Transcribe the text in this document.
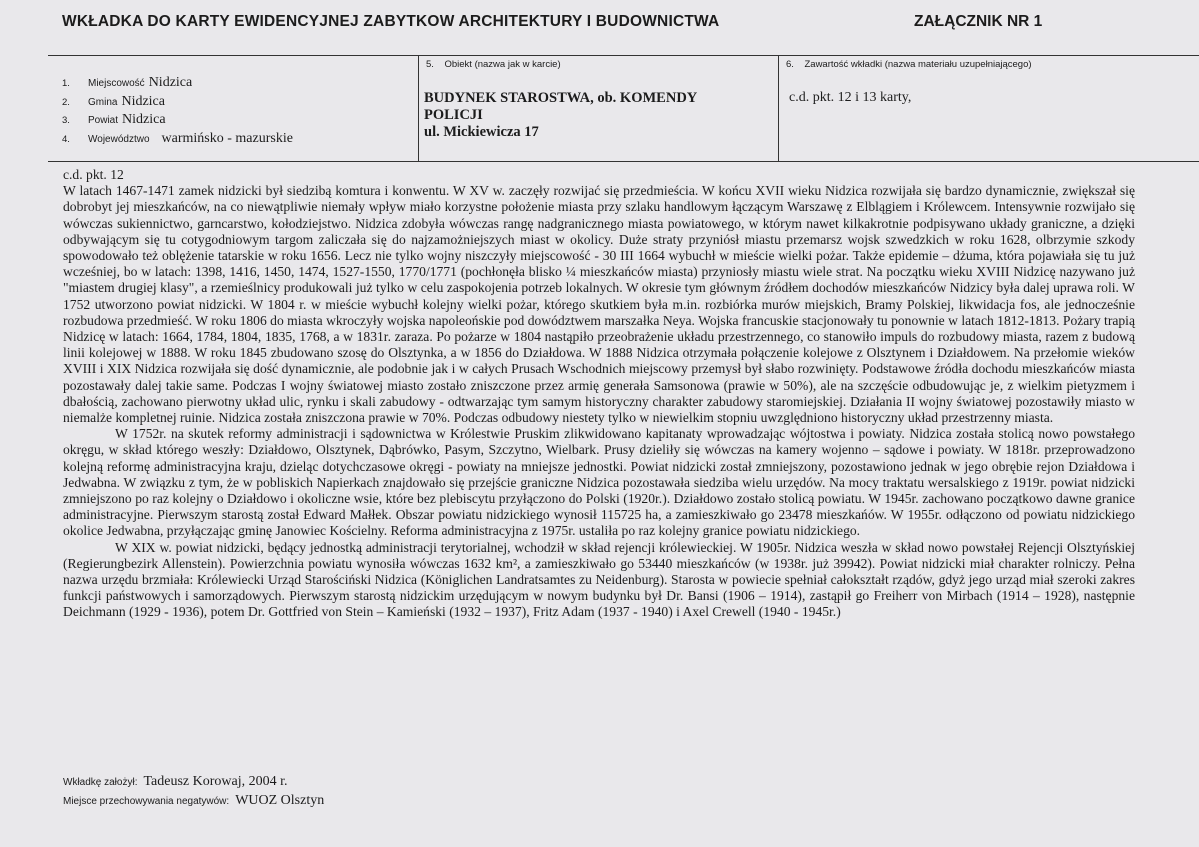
WKŁADKA DO KARTY EWIDENCYJNEJ ZABYTKOW ARCHITEKTURY I BUDOWNICTWA	ZAŁĄCZNIK NR 1
1. Miejscowość Nidzica
2. Gmina Nidzica
3. Powiat Nidzica
4. Województwo warmińsko - mazurskie
5.    Obiekt (nazwa jak w karcie)
BUDYNEK STAROSTWA, ob. KOMENDY
POLICJI
ul. Mickiewicza 17
6.    Zawartość wkładki (nazwa materiału uzupełniającego)
c.d. pkt. 12 i 13 karty,

c.d. pkt. 12

W latach 1467-1471 zamek nidzicki był siedzibą komtura i konwentu. W XV w. zaczęły rozwijać się przedmieścia. W końcu XVII wieku Nidzica rozwijała się bardzo dynamicznie, zwiększał się dobrobyt jej mieszkańców, na co niewątpliwie niemały wpływ miało korzystne położenie miasta przy szlaku handlowym łączącym Warszawę z Elblągiem i Królewcem. Intensywnie rozwijało się wówczas sukiennictwo, garncarstwo, kołodziejstwo. Nidzica zdobyła wówczas rangę nadgranicznego miasta powiatowego, w którym nawet kilkakrotnie podpisywano układy graniczne, a dzięki odbywającym się tu cotygodniowym targom zaliczała się do najzamożniejszych miast w okolicy. Duże straty przyniósł miastu przemarsz wojsk szwedzkich w roku 1628, olbrzymie szkody spowodowało też oblężenie tatarskie w roku 1656. Lecz nie tylko wojny niszczyły miejscowość - 30 III 1664 wybuchł w mieście wielki pożar. Także epidemie – dżuma, która pojawiała się tu już wcześniej, bo w latach: 1398, 1416, 1450, 1474, 1527-1550, 1770/1771 (pochłonęła blisko ¼ mieszkańców miasta) przyniosły miastu wiele strat. Na początku wieku XVIII Nidzicę nazywano już "miastem drugiej klasy", a rzemieślnicy produkowali już tylko w celu zaspokojenia potrzeb lokalnych. W okresie tym głównym źródłem dochodów mieszkańców Nidzicy była dalej uprawa roli. W 1752 utworzono powiat nidzicki. W 1804 r. w mieście wybuchł kolejny wielki pożar, którego skutkiem była m.in. rozbiórka murów miejskich, Bramy Polskiej, likwidacja fos, ale jednocześnie rozbudowa przedmieść. W roku 1806 do miasta wkroczyły wojska napoleońskie pod dowództwem marszałka Neya. Wojska francuskie stacjonowały tu ponownie w latach 1812-1813. Pożary trapią Nidzicę w latach: 1664, 1784, 1804, 1835, 1768, a w 1831r. zaraza. Po pożarze w 1804 nastąpiło przeobrażenie układu przestrzennego, co stanowiło impuls do rozbudowy miasta, razem z budową linii kolejowej w 1888. W roku 1845 zbudowano szosę do Olsztynka, a w 1856 do Działdowa. W 1888 Nidzica otrzymała połączenie kolejowe z Olsztynem i Działdowem. Na przełomie wieków XVIII i XIX Nidzica rozwijała się dość dynamicznie, ale podobnie jak i w całych Prusach Wschodnich miejscowy przemysł był słabo rozwinięty. Podstawowe źródła dochodu mieszkańców miasta pozostawały dalej takie same. Podczas I wojny światowej miasto zostało zniszczone przez armię generała Samsonowa (prawie w 50%), ale na szczęście odbudowując je, z wielkim pietyzmem i dbałością, zachowano pierwotny układ ulic, rynku i skali zabudowy - odtwarzając tym samym historyczny charakter zabudowy staromiejskiej. Działania II wojny światowej pozostawiły miasto w niemalże kompletnej ruinie. Nidzica została zniszczona prawie w 70%. Podczas odbudowy niestety tylko w niewielkim stopniu uwzględniono historyczny układ przestrzenny miasta.

W 1752r. na skutek reformy administracji i sądownictwa w Królestwie Pruskim zlikwidowano kapitanaty wprowadzając wójtostwa i powiaty. Nidzica została stolicą nowo powstałego okręgu, w skład którego weszły: Działdowo, Olsztynek, Dąbrówko, Pasym, Szczytno, Wielbark. Prusy dzieliły się wówczas na kamery wojenno – sądowe i powiaty. W 1818r. przeprowadzono kolejną reformę administracyjna kraju, dzieląc dotychczasowe okręgi - powiaty na mniejsze jednostki. Powiat nidzicki został zmniejszony, pozostawiono jednak w jego obrębie rejon Działdowa i Jedwabna. W związku z tym, że w pobliskich Napierkach znajdowało się przejście graniczne Nidzica pozostawała siedziba wielu urzędów. Na mocy traktatu wersalskiego z 1919r. powiat nidzicki zmniejszono po raz kolejny o Działdowo i okoliczne wsie, które bez plebiscytu przyłączono do Polski (1920r.). Działdowo zostało stolicą powiatu. W 1945r. zachowano początkowo dawne granice administracyjne. Pierwszym starostą został Edward Małłek. Obszar powiatu nidzickiego wynosił 115725 ha, a zamieszkiwało go 23478 mieszkańów. W 1955r. odłączono od powiatu nidzickiego okolice Jedwabna, przyłączając gminę Janowiec Kościelny. Reforma administracyjna z 1975r. ustaliła po raz kolejny granice powiatu nidzickiego.

W XIX w. powiat nidzicki, będący jednostką administracji terytorialnej, wchodził w skład rejencji królewieckiej. W 1905r. Nidzica weszła w skład nowo powstałej Rejencji Olsztyńskiej (Regierungbezirk Allenstein). Powierzchnia powiatu wynosiła wówczas 1632 km², a zamieszkiwało go 53440 mieszkańców (w 1938r. już 39942). Powiat nidzicki miał charakter rolniczy. Pełna nazwa urzędu brzmiała: Królewiecki Urząd Starościński Nidzica (Königlichen Landratsamtes zu Neidenburg). Starosta w powiecie spełniał całokształt rządów, gdyż jego urząd miał szeroki zakres funkcji państwowych i samorządowych. Pierwszym starostą nidzickim urzędującym w nowym budynku był Dr. Bansi (1906 – 1914), zastąpił go Freiherr von Mirbach (1914 – 1928), następnie Deichmann (1929 - 1936), potem Dr. Gottfried von Stein – Kamieński (1932 – 1937), Fritz Adam (1937 - 1940) i Axel Crewell (1940 - 1945r.)

Wkładkę założył: Tadeusz Korowaj, 2004 r.
Miejsce przechowywania negatywów: WUOZ Olsztyn
